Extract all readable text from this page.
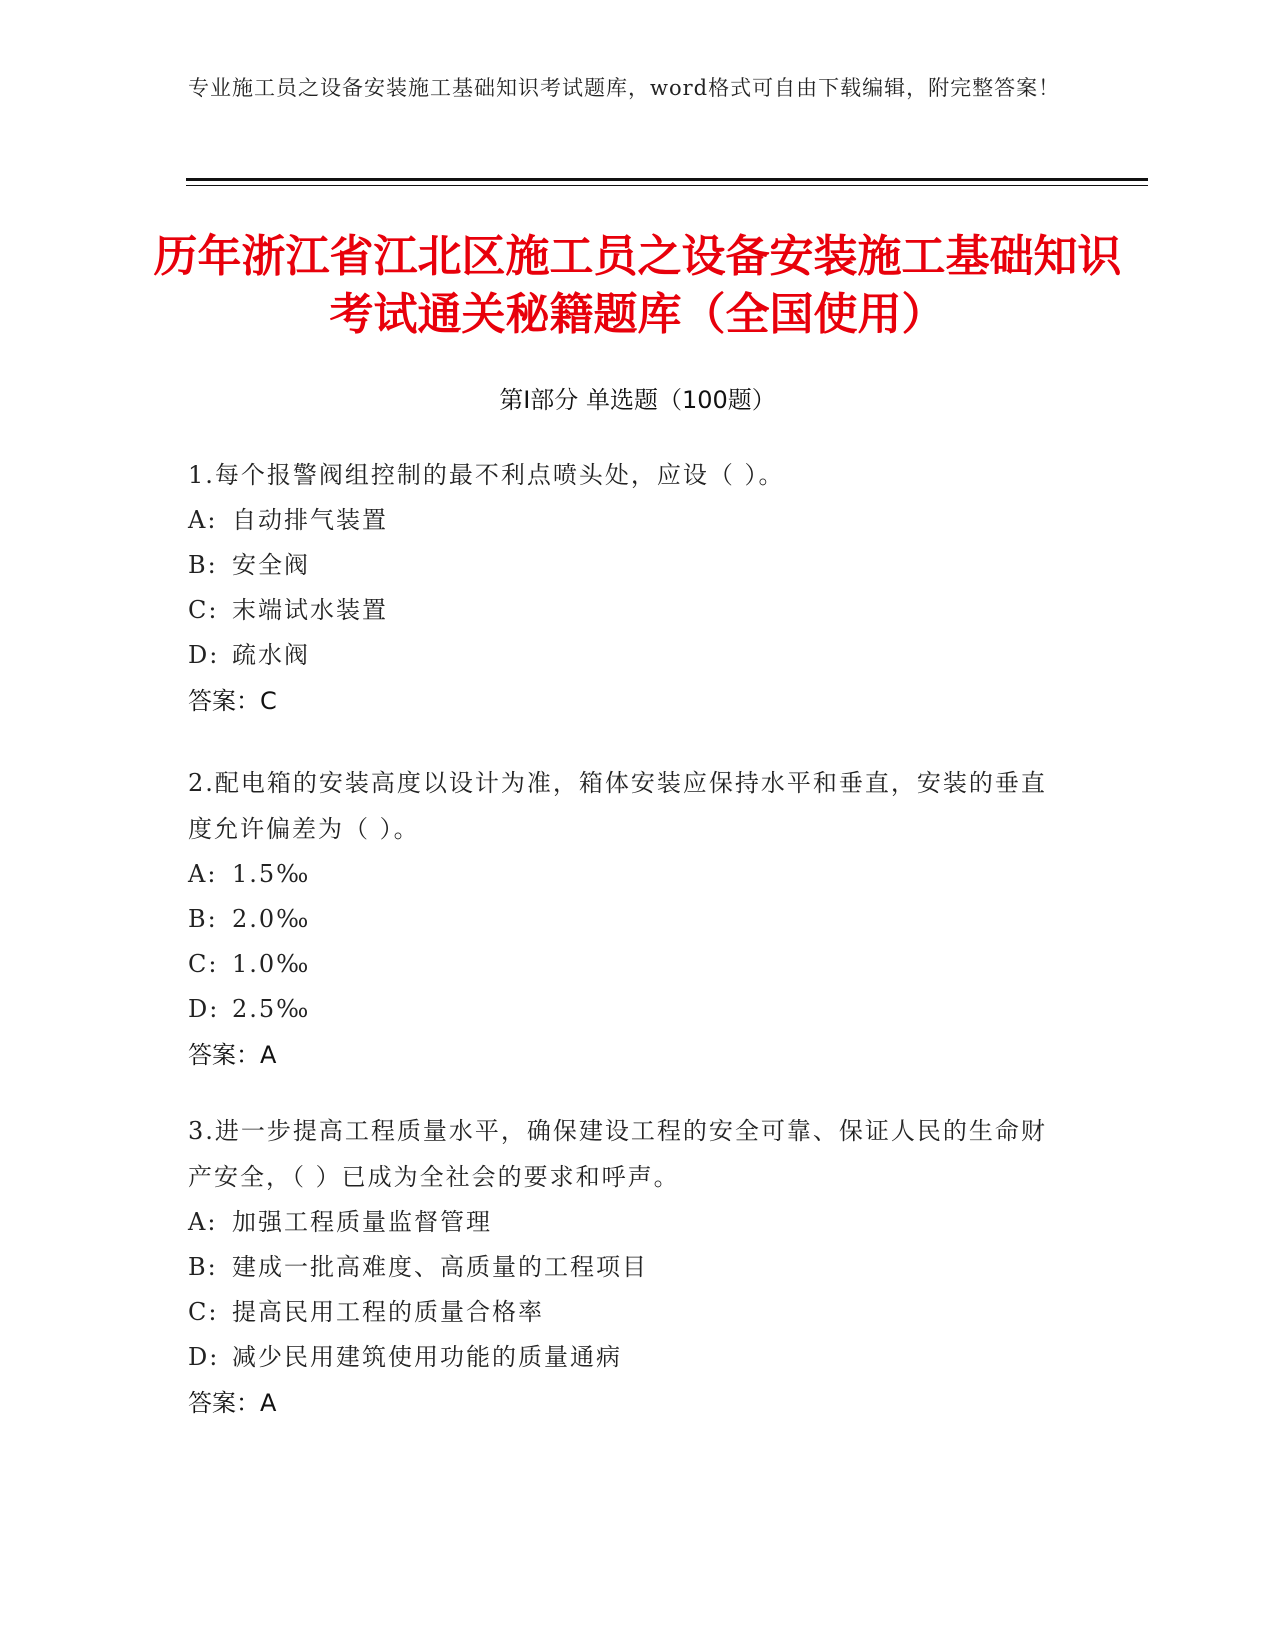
专业施工员之设备安装施工基础知识考试题库，word格式可自由下载编辑，附完整答案！
历年浙江省江北区施工员之设备安装施工基础知识考试通关秘籍题库（全国使用）
第Ⅰ部分 单选题（100题）

1.每个报警阀组控制的最不利点喷头处，应设（ ）。

A: 自动排气装置
B: 安全阀
C: 末端试水装置
D: 疏水阀

答案：C

2.配电箱的安装高度以设计为准，箱体安装应保持水平和垂直，安装的垂直度允许偏差为（ ）。

A: 1.5‰
B: 2.0‰
C: 1.0‰
D: 2.5‰

答案：A

3.进一步提高工程质量水平，确保建设工程的安全可靠、保证人民的生命财产安全，（ ）已成为全社会的要求和呼声。

A: 加强工程质量监督管理
B: 建成一批高难度、高质量的工程项目
C: 提高民用工程的质量合格率
D: 减少民用建筑使用功能的质量通病

答案：A
